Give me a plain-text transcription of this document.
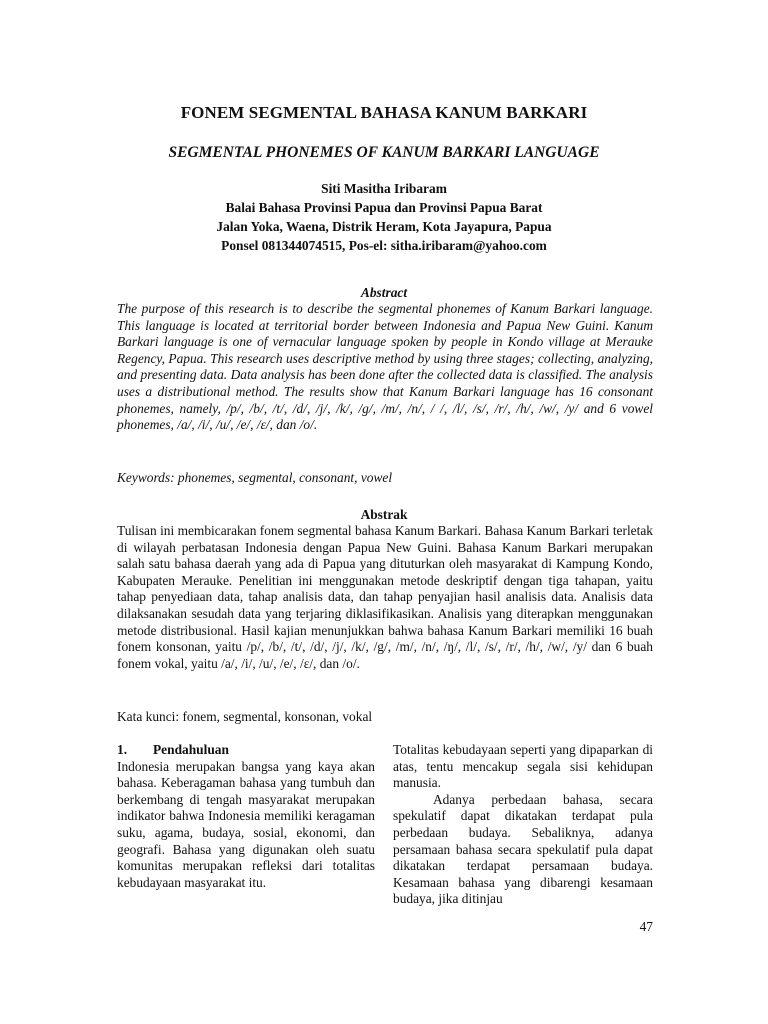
FONEM SEGMENTAL BAHASA KANUM BARKARI
SEGMENTAL PHONEMES OF KANUM BARKARI LANGUAGE
Siti Masitha Iribaram
Balai Bahasa Provinsi Papua dan Provinsi Papua Barat
Jalan Yoka, Waena, Distrik Heram, Kota Jayapura, Papua
Ponsel 081344074515, Pos-el: sitha.iribaram@yahoo.com
Abstract

The purpose of this research is to describe the segmental phonemes of Kanum Barkari language. This language is located at territorial border between Indonesia and Papua New Guini. Kanum Barkari language is one of vernacular language spoken by people in Kondo village at Merauke Regency, Papua. This research uses descriptive method by using three stages; collecting, analyzing, and presenting data. Data analysis has been done after the collected data is classified. The analysis uses a distributional method. The results show that Kanum Barkari language has 16 consonant phonemes, namely, /p/, /b/, /t/, /d/, /j/, /k/, /g/, /m/, /n/, / /, /l/, /s/, /r/, /h/, /w/, /y/ and 6 vowel phonemes, /a/, /i/, /u/, /e/, /ɛ/, dan /o/.

Keywords: phonemes, segmental, consonant, vowel

Abstrak

Tulisan ini membicarakan fonem segmental bahasa Kanum Barkari. Bahasa Kanum Barkari terletak di wilayah perbatasan Indonesia dengan Papua New Guini. Bahasa Kanum Barkari merupakan salah satu bahasa daerah yang ada di Papua yang dituturkan oleh masyarakat di Kampung Kondo, Kabupaten Merauke. Penelitian ini menggunakan metode deskriptif dengan tiga tahapan, yaitu tahap penyediaan data, tahap analisis data, dan tahap penyajian hasil analisis data. Analisis data dilaksanakan sesudah data yang terjaring diklasifikasikan. Analisis yang diterapkan menggunakan metode distribusional. Hasil kajian menunjukkan bahwa bahasa Kanum Barkari memiliki 16 buah fonem konsonan, yaitu /p/, /b/, /t/, /d/, /j/, /k/, /g/, /m/, /n/, /ŋ/, /l/, /s/, /r/, /h/, /w/, /y/ dan 6 buah fonem vokal, yaitu /a/, /i/, /u/, /e/, /ɛ/, dan /o/.

Kata kunci: fonem, segmental, konsonan, vokal

1.	Pendahuluan

Indonesia merupakan bangsa yang kaya akan bahasa. Keberagaman bahasa yang tumbuh dan berkembang di tengah masyarakat merupakan indikator bahwa Indonesia memiliki keragaman suku, agama, budaya, sosial, ekonomi, dan geografi. Bahasa yang digunakan oleh suatu komunitas merupakan refleksi dari totalitas kebudayaan masyarakat itu.

Totalitas kebudayaan seperti yang dipaparkan di atas, tentu mencakup segala sisi kehidupan manusia.

Adanya perbedaan bahasa, secara spekulatif dapat dikatakan terdapat pula perbedaan budaya. Sebaliknya, adanya persamaan bahasa secara spekulatif pula dapat dikatakan terdapat persamaan budaya. Kesamaan bahasa yang dibarengi kesamaan budaya, jika ditinjau

47
